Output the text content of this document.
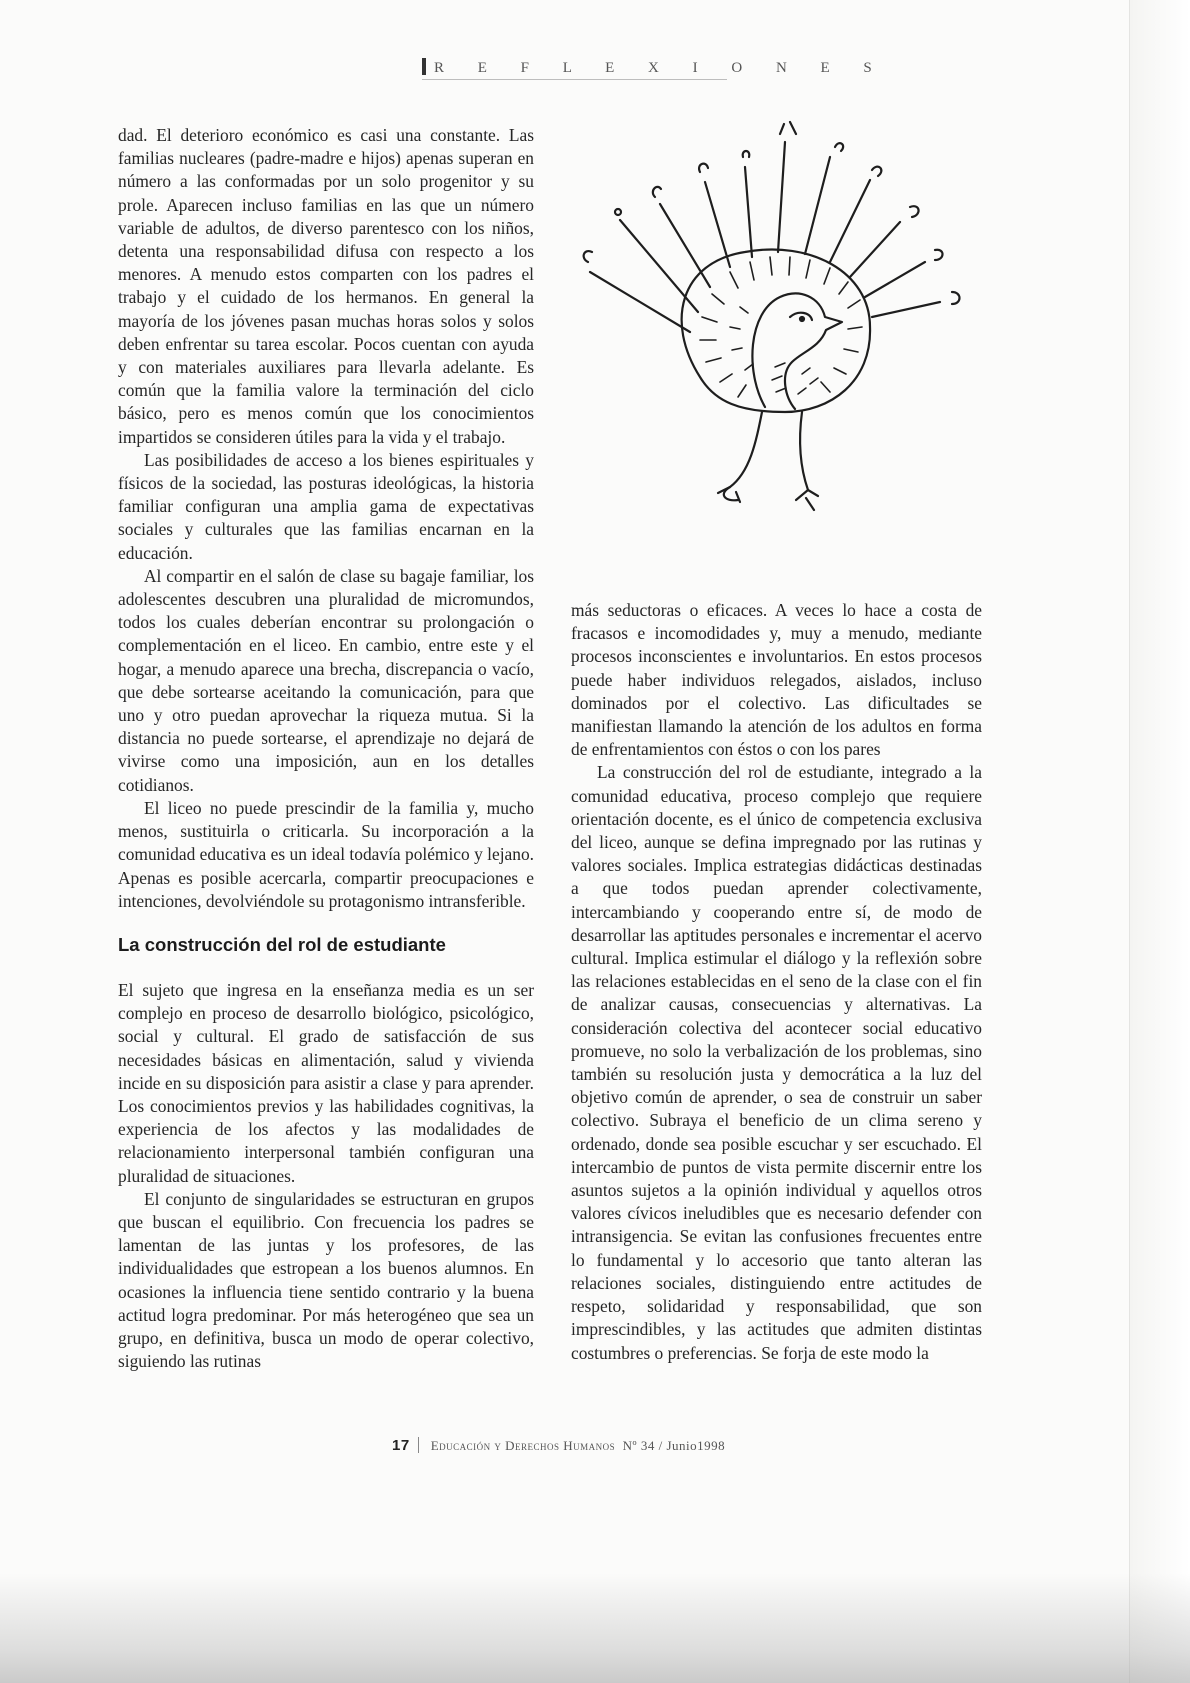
R E F L E X I O N E S

dad. El deterioro económico es casi una constante. Las familias nucleares (padre-madre e hijos) apenas superan en número a las conformadas por un solo progenitor y su prole. Aparecen incluso familias en las que un número variable de adultos, de diverso parentesco con los niños, detenta una responsabilidad difusa con respecto a los menores. A menudo estos comparten con los padres el trabajo y el cuidado de los hermanos. En general la mayoría de los jóvenes pasan muchas horas solos y solos deben enfrentar su tarea escolar. Pocos cuentan con ayuda y con materiales auxiliares para llevarla adelante. Es común que la familia valore la terminación del ciclo básico, pero es menos común que los conocimientos impartidos se consideren útiles para la vida y el trabajo.

Las posibilidades de acceso a los bienes espirituales y físicos de la sociedad, las posturas ideológicas, la historia familiar configuran una amplia gama de expectativas sociales y culturales que las familias encarnan en la educación.

Al compartir en el salón de clase su bagaje familiar, los adolescentes descubren una pluralidad de micromundos, todos los cuales deberían encontrar su prolongación o complementación en el liceo. En cambio, entre este y el hogar, a menudo aparece una brecha, discrepancia o vacío, que debe sortearse aceitando la comunicación, para que uno y otro puedan aprovechar la riqueza mutua. Si la distancia no puede sortearse, el aprendizaje no dejará de vivirse como una imposición, aun en los detalles cotidianos.

El liceo no puede prescindir de la familia y, mucho menos, sustituirla o criticarla. Su incorporación a la comunidad educativa es un ideal todavía polémico y lejano. Apenas es posible acercarla, compartir preocupaciones e intenciones, devolviéndole su protagonismo intransferible.

La construcción del rol de estudiante

El sujeto que ingresa en la enseñanza media es un ser complejo en proceso de desarrollo biológico, psicológico, social y cultural. El grado de satisfacción de sus necesidades básicas en alimentación, salud y vivienda incide en su disposición para asistir a clase y para aprender. Los conocimientos previos y las habilidades cognitivas, la experiencia de los afectos y las modalidades de relacionamiento interpersonal también configuran una pluralidad de situaciones.

El conjunto de singularidades se estructuran en grupos que buscan el equilibrio. Con frecuencia los padres se lamentan de las juntas y los profesores, de las individualidades que estropean a los buenos alumnos. En ocasiones la influencia tiene sentido contrario y la buena actitud logra predominar. Por más heterogéneo que sea un grupo, en definitiva, busca un modo de operar colectivo, siguiendo las rutinas

más seductoras o eficaces. A veces lo hace a costa de fracasos e incomodidades y, muy a menudo, mediante procesos inconscientes e involuntarios. En estos procesos puede haber individuos relegados, aislados, incluso dominados por el colectivo. Las dificultades se manifiestan llamando la atención de los adultos en forma de enfrentamientos con éstos o con los pares

La construcción del rol de estudiante, integrado a la comunidad educativa, proceso complejo que requiere orientación docente, es el único de competencia exclusiva del liceo, aunque se defina impregnado por las rutinas y valores sociales. Implica estrategias didácticas destinadas a que todos puedan aprender colectivamente, intercambiando y cooperando entre sí, de modo de desarrollar las aptitudes personales e incrementar el acervo cultural. Implica estimular el diálogo y la reflexión sobre las relaciones establecidas en el seno de la clase con el fin de analizar causas, consecuencias y alternativas. La consideración colectiva del acontecer social educativo promueve, no solo la verbalización de los problemas, sino también su resolución justa y democrática a la luz del objetivo común de aprender, o sea de construir un saber colectivo. Subraya el beneficio de un clima sereno y ordenado, donde sea posible escuchar y ser escuchado. El intercambio de puntos de vista permite discernir entre los asuntos sujetos a la opinión individual y aquellos otros valores cívicos ineludibles que es necesario defender con intransigencia. Se evitan las confusiones frecuentes entre lo fundamental y lo accesorio que tanto alteran las relaciones sociales, distinguiendo entre actitudes de respeto, solidaridad y responsabilidad, que son imprescindibles, y las actitudes que admiten distintas costumbres o preferencias. Se forja de este modo la

17 Educación y Derechos Humanos Nº 34 / Junio1998
